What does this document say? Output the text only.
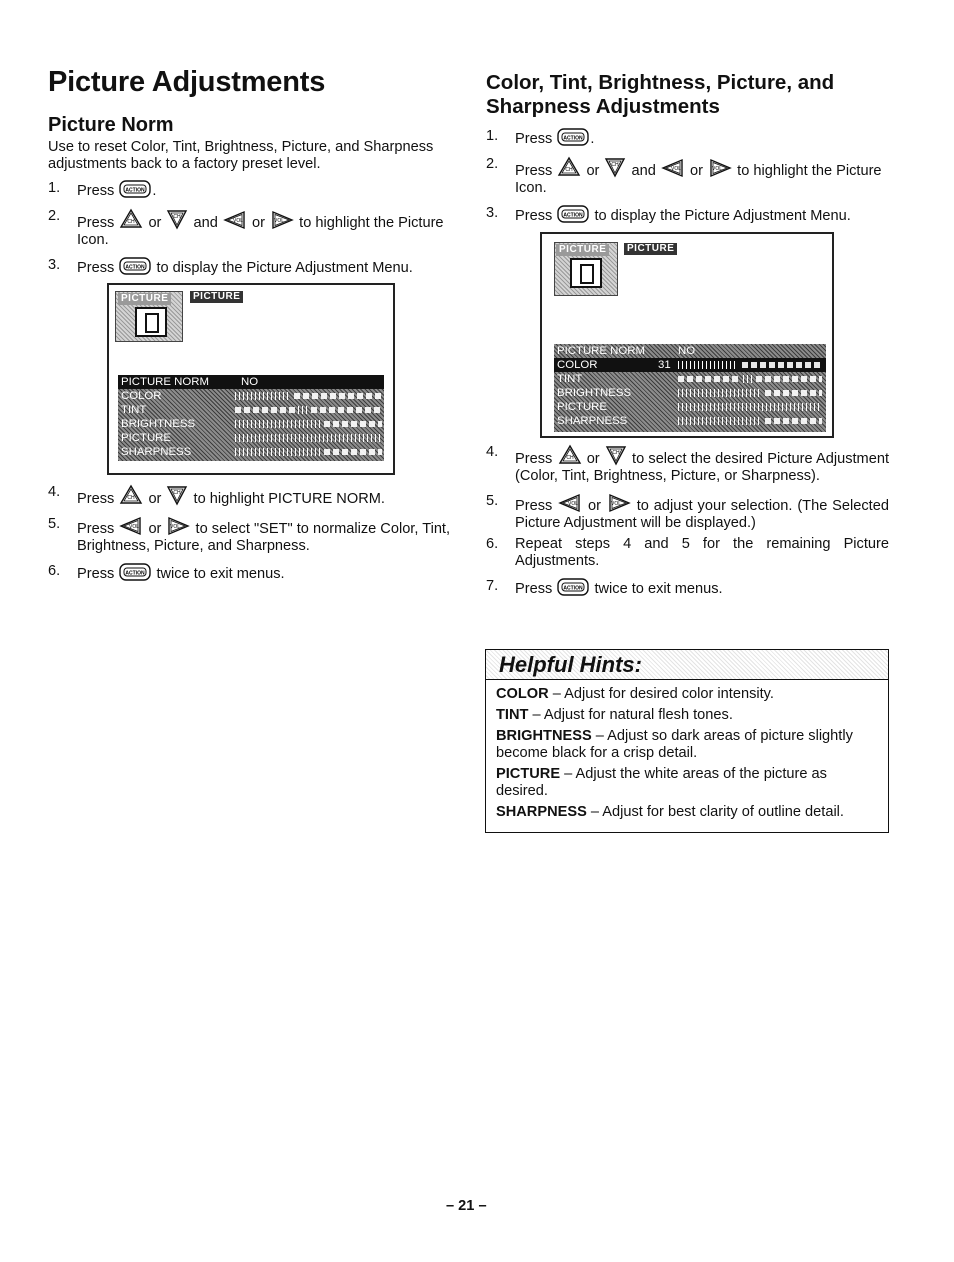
Picture Adjustments
Picture Norm

Use to reset Color, Tint, Brightness, Picture, and Sharpness adjustments back to a factory preset level.

1. Press ACTION .
2. Press	CH or CH and	VOL or VOL to highlight the Picture Icon.
3. Press ACTION to display the Picture Adjustment Menu.
PICTURE	PICTURE
PICTURE NORM	NO
COLOR
TINT
BRIGHTNESS
PICTURE
SHARPNESS
4. Press	CH or CH to highlight PICTURE NORM.
5. Press	VOL or VOL to select "SET" to normalize Color, Tint, Brightness, Picture, and Sharpness.
6. Press ACTION twice to exit menus.
Color, Tint, Brightness, Picture, and Sharpness Adjustments
1. Press ACTION .
2. Press	CH or CH and	VOL or VOL to highlight the Picture Icon.
3. Press ACTION to display the Picture Adjustment Menu.
PICTURE	PICTURE
PICTURE NORM	NO
COLOR	31
TINT
BRIGHTNESS
PICTURE
SHARPNESS
4. Press	CH or	CH to select the desired Picture Adjustment (Color, Tint, Brightness, Picture, or Sharpness).
5. Press	VOL or VOL to adjust your selection. (The Selected Picture Adjustment will be displayed.)
6. Repeat steps 4 and 5 for the remaining Picture Adjustments.
7. Press ACTION twice to exit menus.
Helpful Hints:

COLOR – Adjust for desired color intensity.

TINT – Adjust for natural flesh tones.

BRIGHTNESS – Adjust so dark areas of picture slightly become black for a crisp detail.

PICTURE – Adjust the white areas of the picture as desired.

SHARPNESS – Adjust for best clarity of outline detail.

– 21 –
